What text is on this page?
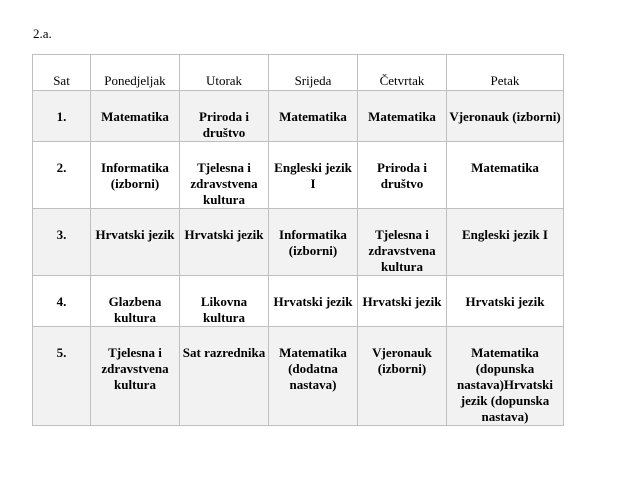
2.a.
Sat	Ponedjeljak	Utorak	Srijeda	Četvrtak	Petak
1.	Matematika	Priroda i društvo	Matematika	Matematika	Vjeronauk (izborni)
2.	Informatika (izborni)	Tjelesna i zdravstvena kultura	Engleski jezik I	Priroda i društvo	Matematika
3.	Hrvatski jezik	Hrvatski jezik	Informatika (izborni)	Tjelesna i zdravstvena kultura	Engleski jezik I
4.	Glazbena kultura	Likovna kultura	Hrvatski jezik	Hrvatski jezik	Hrvatski jezik
5.	Tjelesna i zdravstvena kultura	Sat razrednika	Matematika (dodatna nastava)	Vjeronauk (izborni)	Matematika (dopunska nastava)Hrvatski jezik (dopunska nastava)
